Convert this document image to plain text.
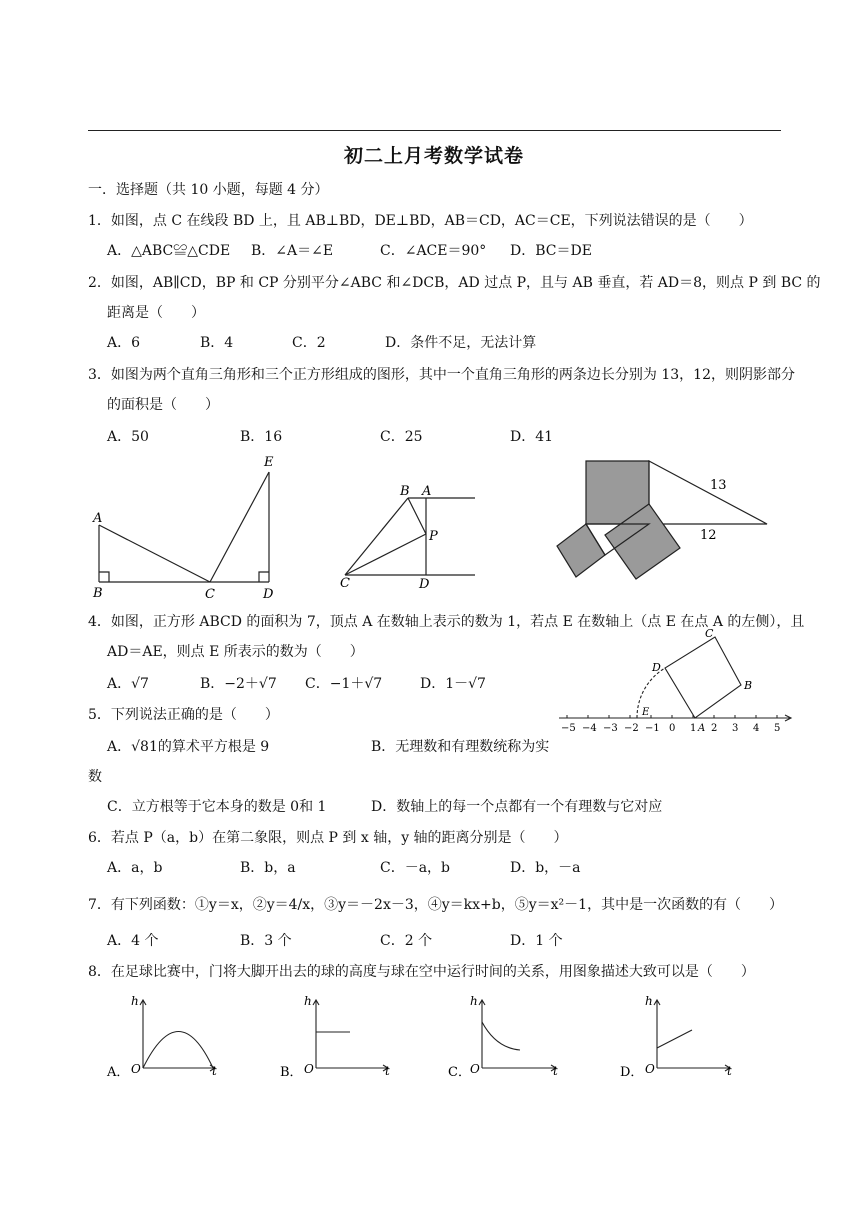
初二上月考数学试卷
一．选择题（共 10 小题，每题 4 分）
1．如图，点 C 在线段 BD 上，且 AB⊥BD，DE⊥BD，AB＝CD，AC＝CE，下列说法错误的是（　　）
A．△ABC≌△CDE B．∠A＝∠E	C．∠ACE＝90° D．BC＝DE
2．如图，AB∥CD，BP 和 CP 分别平分∠ABC 和∠DCB，AD 过点 P，且与 AB 垂直，若 AD＝8，则点 P 到 BC 的
距离是（　　）
A．6	B．4	C．2	D．条件不足，无法计算
3．如图为两个直角三角形和三个正方形组成的图形，其中一个直角三角形的两条边长分别为 13，12，则阴影部分
的面积是（　　）
A．50	B．16	C．25	D．41
A
B	C	D
E
B A
P
C	D
13
12
4．如图，正方形 ABCD 的面积为 7，顶点 A 在数轴上表示的数为 1，若点 E 在数轴上（点 E 在点 A 的左侧），且
AD＝AE，则点 E 所表示的数为（　　）
A．√7	B．−2＋√7 C．−1＋√7	D．1－√7
−5 −4 −3 −2 −1 0 1 2 3 4 5
A
B
C
D
E
5．下列说法正确的是（　　）
A．√81的算术平方根是 9	B．无理数和有理数统称为实
数
C．立方根等于它本身的数是 0和 1	D．数轴上的每一个点都有一个有理数与它对应
6．若点 P（a，b）在第二象限，则点 P 到 x 轴，y 轴的距离分别是（　　）
A．a，b	B．b，a	C．－a，b	D．b，－a
7．有下列函数：①y＝x，②y＝4/x，③y＝－2x－3，④y＝kx+b，⑤y＝x²－1，其中是一次函数的有（　　）
A．4 个	B．3 个	C．2 个	D．1 个
8．在足球比赛中，门将大脚开出去的球的高度与球在空中运行时间的关系，用图象描述大致可以是（　　）
A．
h
O	t	B．
h
O	t	C．
h
O	t	D．
h
O	t
